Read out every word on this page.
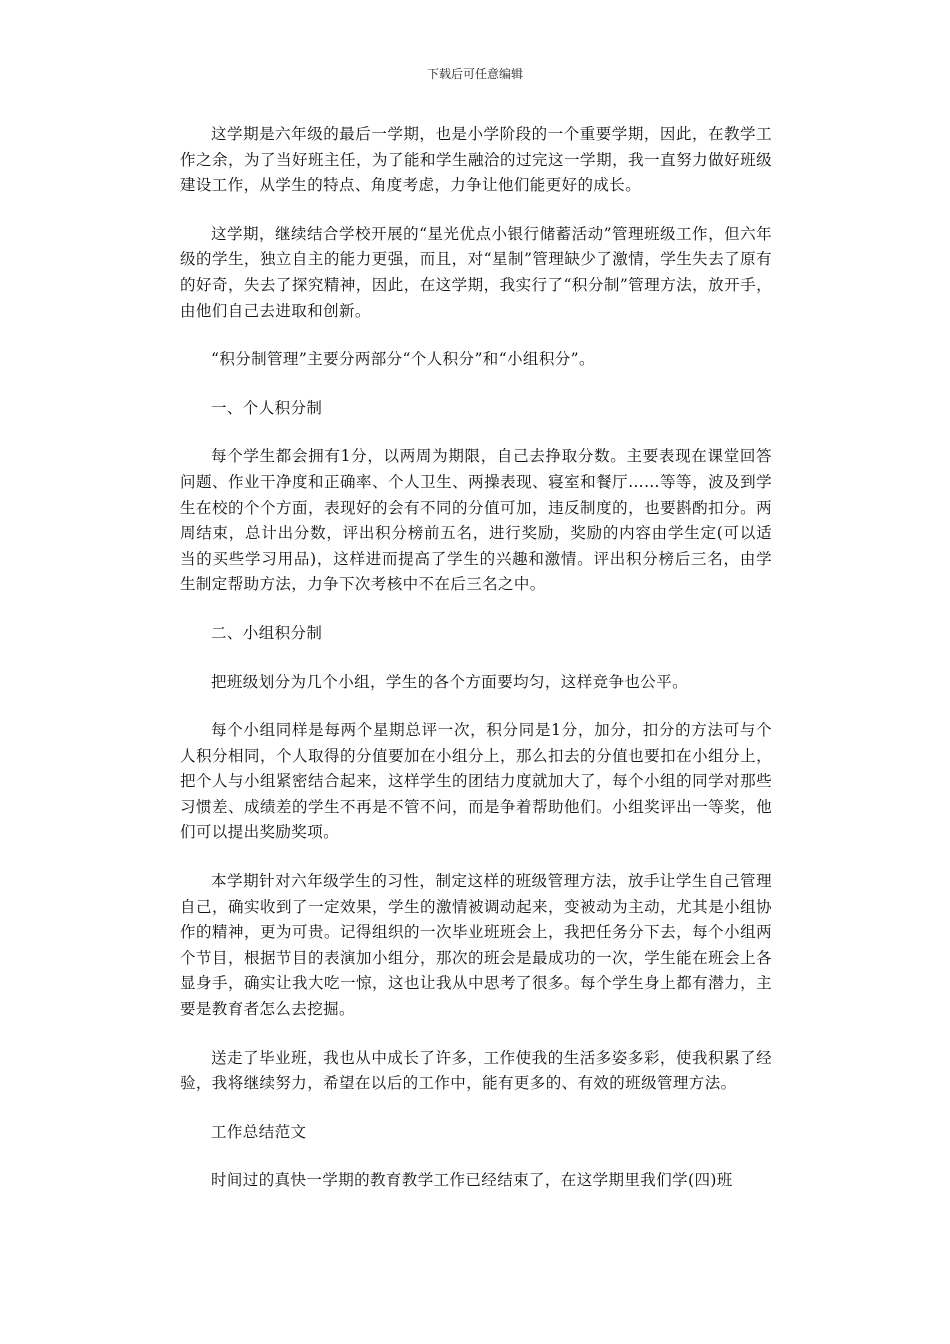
下载后可任意编辑

这学期是六年级的最后一学期，也是小学阶段的一个重要学期，因此，在教学工作之余，为了当好班主任，为了能和学生融洽的过完这一学期，我一直努力做好班级建设工作，从学生的特点、角度考虑，力争让他们能更好的成长。

这学期，继续结合学校开展的“星光优点小银行储蓄活动”管理班级工作，但六年级的学生，独立自主的能力更强，而且，对“星制”管理缺少了激情，学生失去了原有的好奇，失去了探究精神，因此，在这学期，我实行了“积分制”管理方法，放开手，由他们自己去进取和创新。

“积分制管理”主要分两部分“个人积分”和“小组积分”。

一、个人积分制

每个学生都会拥有1分，以两周为期限，自己去挣取分数。主要表现在课堂回答问题、作业干净度和正确率、个人卫生、两操表现、寝室和餐厅……等等，波及到学生在校的个个方面，表现好的会有不同的分值可加，违反制度的，也要斟酌扣分。两周结束，总计出分数，评出积分榜前五名，进行奖励，奖励的内容由学生定(可以适当的买些学习用品)，这样进而提高了学生的兴趣和激情。评出积分榜后三名，由学生制定帮助方法，力争下次考核中不在后三名之中。

二、小组积分制

把班级划分为几个小组，学生的各个方面要均匀，这样竞争也公平。

每个小组同样是每两个星期总评一次，积分同是1分，加分，扣分的方法可与个人积分相同，个人取得的分值要加在小组分上，那么扣去的分值也要扣在小组分上，把个人与小组紧密结合起来，这样学生的团结力度就加大了，每个小组的同学对那些习惯差、成绩差的学生不再是不管不问，而是争着帮助他们。小组奖评出一等奖，他们可以提出奖励奖项。

本学期针对六年级学生的习性，制定这样的班级管理方法，放手让学生自己管理自己，确实收到了一定效果，学生的激情被调动起来，变被动为主动，尤其是小组协作的精神，更为可贵。记得组织的一次毕业班班会上，我把任务分下去，每个小组两个节目，根据节目的表演加小组分，那次的班会是最成功的一次，学生能在班会上各显身手，确实让我大吃一惊，这也让我从中思考了很多。每个学生身上都有潜力，主要是教育者怎么去挖掘。

送走了毕业班，我也从中成长了许多，工作使我的生活多姿多彩，使我积累了经验，我将继续努力，希望在以后的工作中，能有更多的、有效的班级管理方法。

工作总结范文

时间过的真快一学期的教育教学工作已经结束了，在这学期里我们学(四)班
